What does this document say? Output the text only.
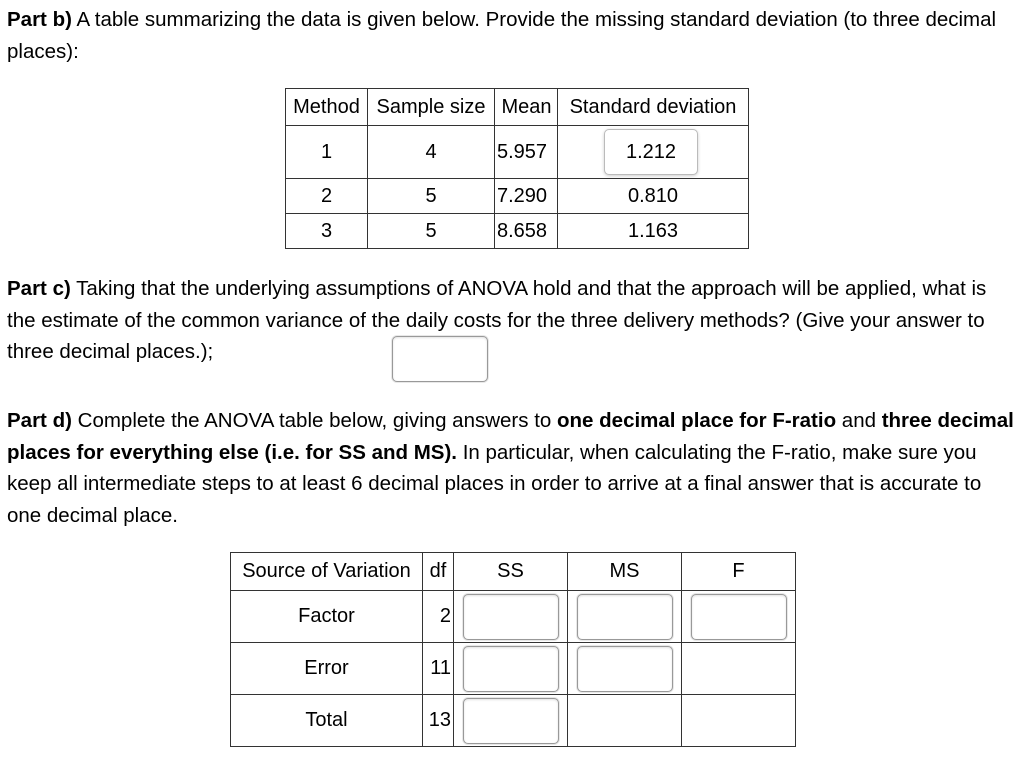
Part b) A table summarizing the data is given below. Provide the missing standard deviation (to three decimal places):
Method	Sample size	Mean	Standard deviation
1	4	5.957	1.212
2	5	7.290	0.810
3	5	8.658	1.163
Part c) Taking that the underlying assumptions of ANOVA hold and that the approach will be applied, what is the estimate of the common variance of the daily costs for the three delivery methods? (Give your answer to three decimal places.);
Part d) Complete the ANOVA table below, giving answers to one decimal place for F-ratio and three decimal places for everything else (i.e. for SS and MS). In particular, when calculating the F-ratio, make sure you keep all intermediate steps to at least 6 decimal places in order to arrive at a final answer that is accurate to one decimal place.
Source of Variation	df	SS	MS	F
Factor	2			
Error	11			
Total	13			
